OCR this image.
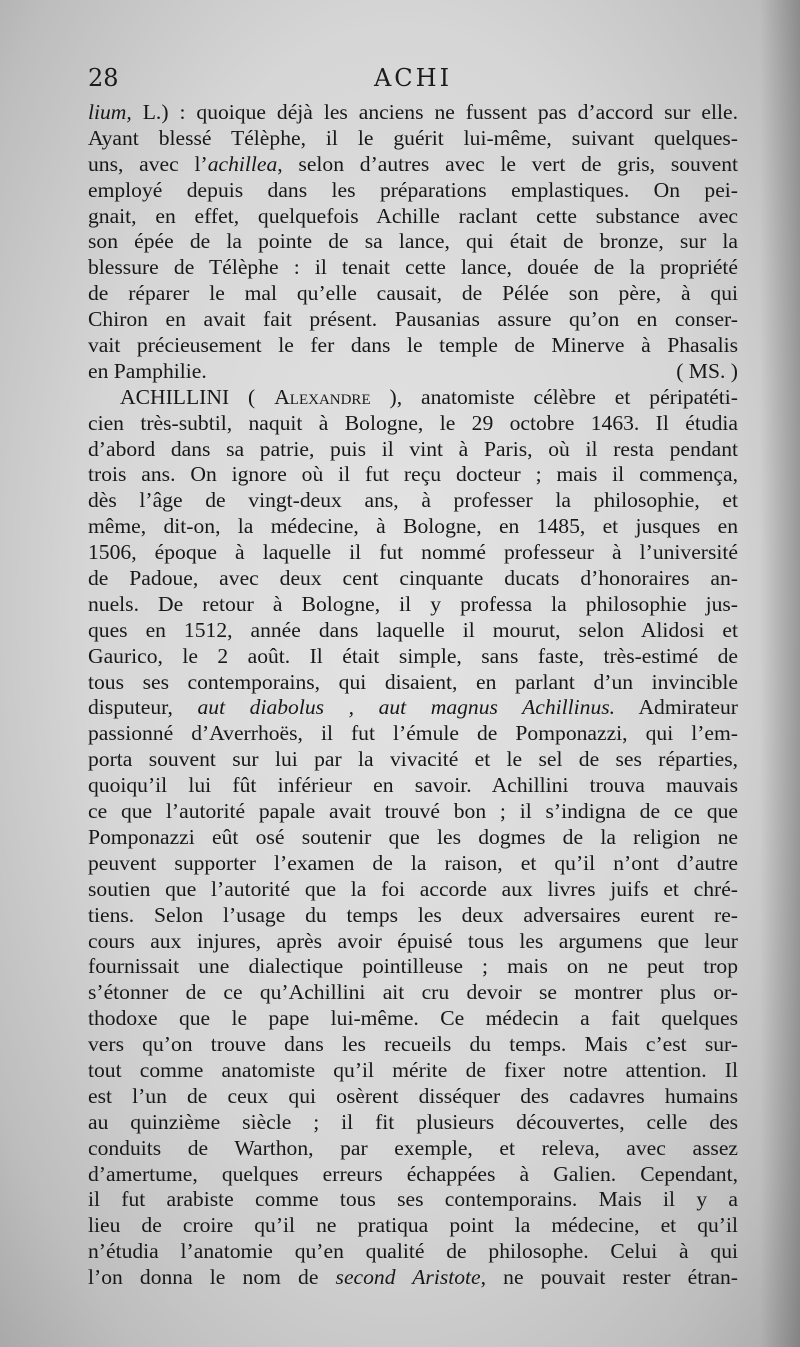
28	ACHI
lium, L.) : quoique déjà les anciens ne fussent pas d’accord sur elle.
Ayant blessé Télèphe, il le guérit lui-même, suivant quelques-
uns, avec l’achillea, selon d’autres avec le vert de gris, souvent
employé depuis dans les préparations emplastiques. On pei-
gnait, en effet, quelquefois Achille raclant cette substance avec
son épée de la pointe de sa lance, qui était de bronze, sur la
blessure de Télèphe : il tenait cette lance, douée de la propriété
de réparer le mal qu’elle causait, de Pélée son père, à qui
Chiron en avait fait présent. Pausanias assure qu’on en conser-
vait précieusement le fer dans le temple de Minerve à Phasalis
( MS. )
en Pamphilie.
ACHILLINI ( Alexandre ), anatomiste célèbre et péripatéti-
cien très-subtil, naquit à Bologne, le 29 octobre 1463. Il étudia
d’abord dans sa patrie, puis il vint à Paris, où il resta pendant
trois ans. On ignore où il fut reçu docteur ; mais il commença,
dès l’âge de vingt-deux ans, à professer la philosophie, et
même, dit-on, la médecine, à Bologne, en 1485, et jusques en
1506, époque à laquelle il fut nommé professeur à l’université
de Padoue, avec deux cent cinquante ducats d’honoraires an-
nuels. De retour à Bologne, il y professa la philosophie jus-
ques en 1512, année dans laquelle il mourut, selon Alidosi et
Gaurico, le 2 août. Il était simple, sans faste, très-estimé de
tous ses contemporains, qui disaient, en parlant d’un invincible
disputeur, aut diabolus , aut magnus Achillinus. Admirateur
passionné d’Averrhoës, il fut l’émule de Pomponazzi, qui l’em-
porta souvent sur lui par la vivacité et le sel de ses réparties,
quoiqu’il lui fût inférieur en savoir. Achillini trouva mauvais
ce que l’autorité papale avait trouvé bon ; il s’indigna de ce que
Pomponazzi eût osé soutenir que les dogmes de la religion ne
peuvent supporter l’examen de la raison, et qu’il n’ont d’autre
soutien que l’autorité que la foi accorde aux livres juifs et chré-
tiens. Selon l’usage du temps les deux adversaires eurent re-
cours aux injures, après avoir épuisé tous les argumens que leur
fournissait une dialectique pointilleuse ; mais on ne peut trop
s’étonner de ce qu’Achillini ait cru devoir se montrer plus or-
thodoxe que le pape lui-même. Ce médecin a fait quelques
vers qu’on trouve dans les recueils du temps. Mais c’est sur-
tout comme anatomiste qu’il mérite de fixer notre attention. Il
est l’un de ceux qui osèrent disséquer des cadavres humains
au quinzième siècle ; il fit plusieurs découvertes, celle des
conduits de Warthon, par exemple, et releva, avec assez
d’amertume, quelques erreurs échappées à Galien. Cependant,
il fut arabiste comme tous ses contemporains. Mais il y a
lieu de croire qu’il ne pratiqua point la médecine, et qu’il
n’étudia l’anatomie qu’en qualité de philosophe. Celui à qui
l’on donna le nom de second Aristote, ne pouvait rester étran-
